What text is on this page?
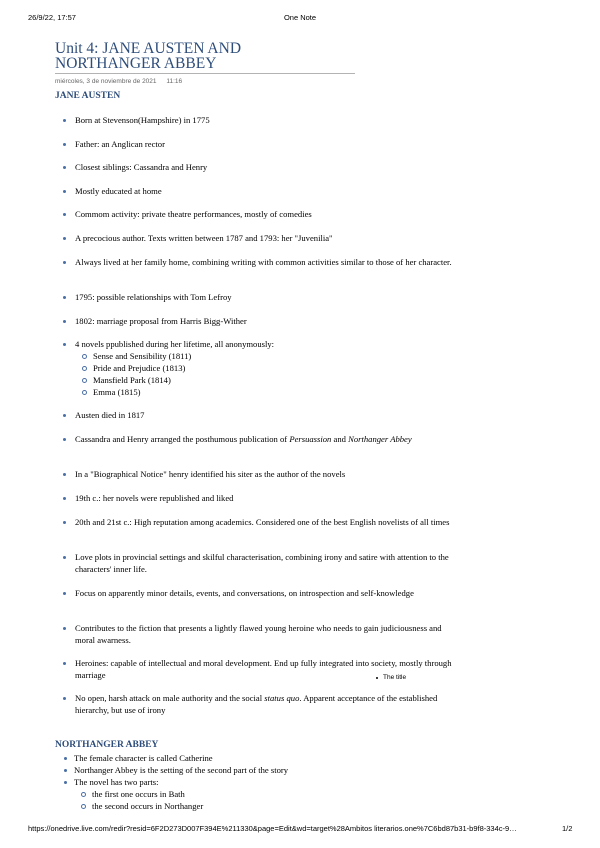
26/9/22, 17:57	One Note
Unit 4: JANE AUSTEN AND NORTHANGER ABBEY
miércoles, 3 de noviembre de 2021 11:16
JANE AUSTEN
Born at Stevenson(Hampshire) in 1775
Father: an Anglican rector
Closest siblings: Cassandra and Henry
Mostly educated at home
Commom activity: private theatre performances, mostly of comedies
A precocious author. Texts written between 1787 and 1793: her "Juvenilia"
Always lived at her family home, combining writing with common activities similar to those of her character.
1795: possible relationships with Tom Lefroy
1802: marriage proposal from Harris Bigg-Wither
4 novels ppublished during her lifetime, all anonymously:
Sense and Sensibility (1811)
Pride and Prejudice (1813)
Mansfield Park (1814)
Emma (1815)
Austen died in 1817
Cassandra and Henry arranged the posthumous publication of Persuassion and Northanger Abbey
In a "Biographical Notice" henry identified his siter as the author of the novels
19th c.: her novels were republished and liked
20th and 21st c.: High reputation among academics. Considered one of the best English novelists of all times
Love plots in provincial settings and skilful characterisation, combining irony and satire with attention to the characters' inner life.
Focus on apparently minor details, events, and conversations, on introspection and self-knowledge
Contributes to the fiction that presents a lightly flawed young heroine who needs to gain judiciousness and moral awarness.
Heroines: capable of intellectual and moral development. End up fully integrated into society, mostly through marriage	The title
No open, harsh attack on male authority and the social status quo. Apparent acceptance of the established hierarchy, but use of irony
NORTHANGER ABBEY
The female character is called Catherine
Northanger Abbey is the setting of the second part of the story
The novel has two parts:
the first one occurs in Bath
the second occurs in Northanger
https://onedrive.live.com/redir?resid=6F2D273D007F394E%211330&page=Edit&wd=target%28Ambitos literarios.one%7C6bd87b31-b9f8-334c-9…	1/2
